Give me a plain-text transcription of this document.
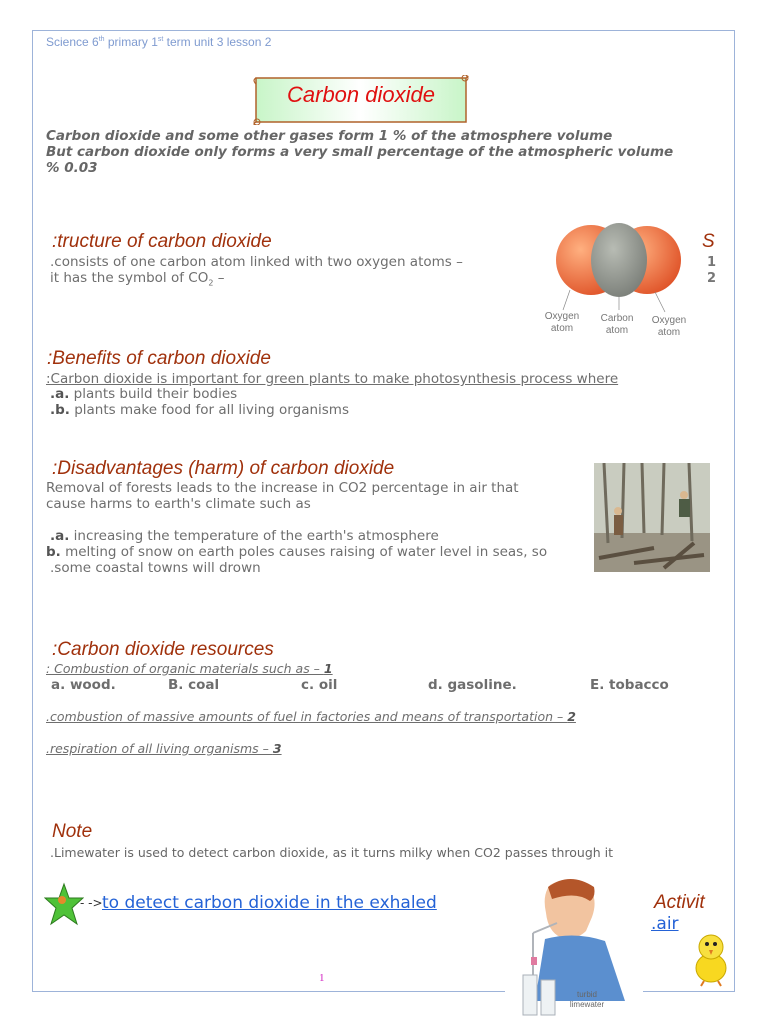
Science 6th primary 1st term unit 3 lesson 2
Carbon dioxide
Carbon dioxide and some other gases form 1 % of the atmosphere volume
But carbon dioxide only forms a very small percentage of the atmospheric volume
% 0.03
:tructure of carbon dioxide	S
.consists of one carbon atom linked with two oxygen atoms –	1
it has the symbol of $CO_2$ –	2
Oxygen
atom
Carbon
atom
Oxygen
atom
:Benefits of carbon dioxide
:Carbon dioxide is important for green plants to make photosynthesis process where
.a. plants build their bodies
.b. plants make food for all living organisms
:Disadvantages (harm) of carbon dioxide
Removal of forests leads to the increase in CO2 percentage in air that
cause harms to earth's climate such as
.a. increasing the temperature of the earth's atmosphere
b. melting of snow on earth poles causes raising of water level in seas, so
.some coastal towns will drown
:Carbon dioxide resources
: Combustion of organic materials such as – 1
a. wood.	B. coal	c. oil	d. gasoline.	E. tobacco
.combustion of massive amounts of fuel in factories and means of transportation – 2
.respiration of all living organisms – 3
Note
.Limewater is used to detect carbon dioxide, as it turns milky when CO2 passes through it
- -> to detect carbon dioxide in the exhaled	Activit
.air
turbid
limewater
1
